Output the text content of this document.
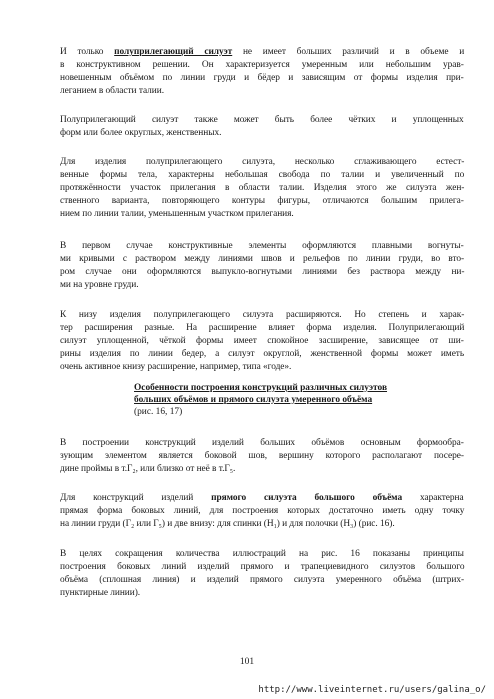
И только полуприлегающий силуэт не имеет больших различий и в объеме и
в конструктивном решении. Он характеризуется умеренным или небольшим урав-
новешенным объёмом по линии груди и бёдер и зависящим от формы изделия при-
леганием в области талии.

Полуприлегающий силуэт также может быть более чётких и уплощенных
форм или более округлых, женственных.

Для изделия полуприлегающего силуэта, несколько сглаживающего естест-
венные формы тела, характерны небольшая свобода по талии и увеличенный по
протяжённости участок прилегания в области талии. Изделия этого же силуэта жен-
ственного варианта, повторяющего контуры фигуры, отличаются большим прилега-
нием по линии талии, уменьшенным участком прилегания.

В первом случае конструктивные элементы оформляются плавными вогнуты-
ми кривыми с раствором между линиями швов и рельефов по линии груди, во вто-
ром случае они оформляются выпукло-вогнутыми линиями без раствора между ни-
ми на уровне груди.

К низу изделия полуприлегающего силуэта расширяются. Но степень и харак-
тер расширения разные. На расширение влияет форма изделия. Полуприлегающий
силуэт уплощенной, чёткой формы имеет спокойное засширение, зависящее от ши-
рины изделия по линии бедер, а силуэт округлой, женственной формы может иметь
очень активное книзу расширение, например, типа «годе».

Особенности построения конструкций различных силуэтов
больших объёмов и прямого силуэта умеренного объёма
(рис. 16, 17)

В построении конструкций изделий больших объёмов основным формообра-
зующим элементом является боковой шов, вершину которого располагают посере-
дине проймы в т.Г₂, или близко от неё в т.Г₅.

Для конструкций изделий прямого силуэта большого объёма характерна
прямая форма боковых линий, для построения которых достаточно иметь одну точку
на линии груди (Г₂ или Г₅) и две внизу: для спинки (Н₁) и для полочки (Н₃) (рис. 16).

В целях сокращения количества иллюстраций на рис. 16 показаны принципы
построения боковых линий изделий прямого и трапециевидного силуэтов большого
объёма (сплошная линия) и изделий прямого силуэта умеренного объёма (штрих-
пунктирные линии).

101
http://www.liveinternet.ru/users/galina_o/
